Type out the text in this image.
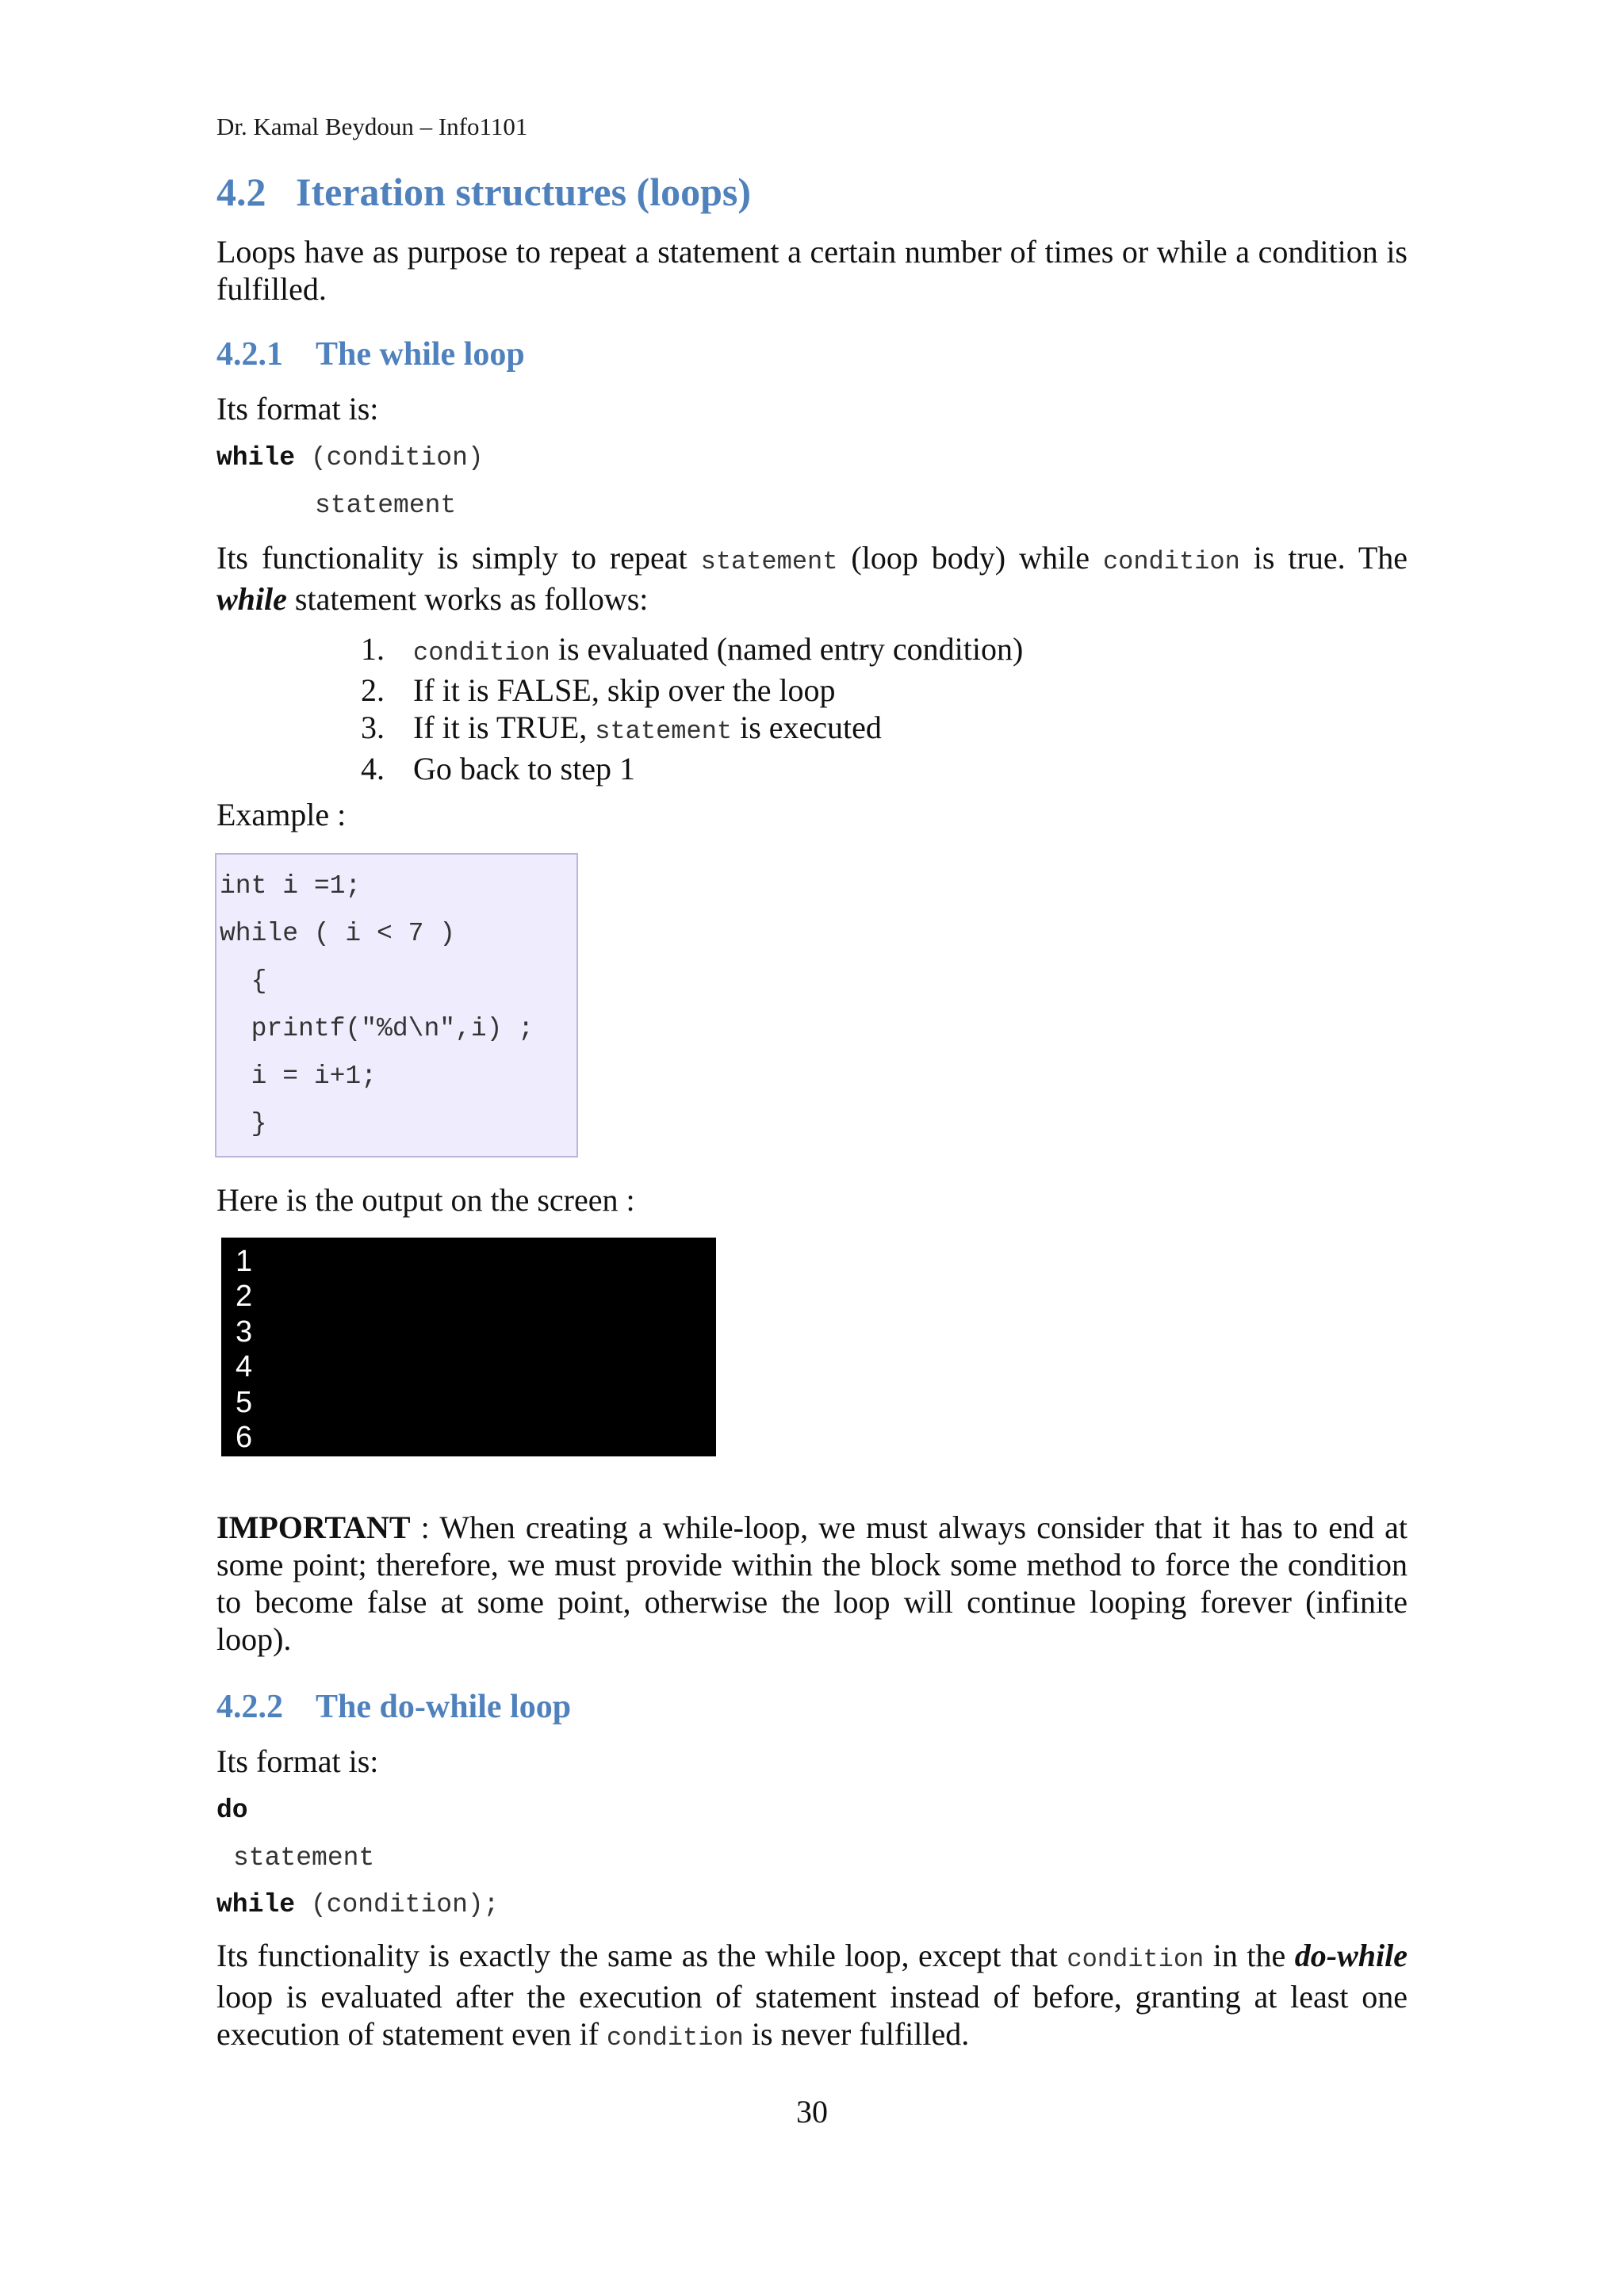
Dr. Kamal Beydoun – Info1101
4.2 Iteration structures (loops)

Loops have as purpose to repeat a statement a certain number of times or while a condition is fulfilled.

4.2.1 The while loop

Its format is:

while (condition)
statement

Its functionality is simply to repeat statement (loop body) while condition is true. The while statement works as follows:

1. condition is evaluated (named entry condition)
2. If it is FALSE, skip over the loop
3. If it is TRUE, statement is executed
4. Go back to step 1

Example :

int i =1;
while ( i < 7 )
{
printf("%d\n",i) ;
i = i+1;
}

Here is the output on the screen :

1
2
3
4
5
6

IMPORTANT : When creating a while-loop, we must always consider that it has to end at some point; therefore, we must provide within the block some method to force the condition to become false at some point, otherwise the loop will continue looping forever (infinite loop).

4.2.2 The do-while loop

Its format is:

do
statement
while (condition);

Its functionality is exactly the same as the while loop, except that condition in the do-while loop is evaluated after the execution of statement instead of before, granting at least one execution of statement even if condition is never fulfilled.

30
